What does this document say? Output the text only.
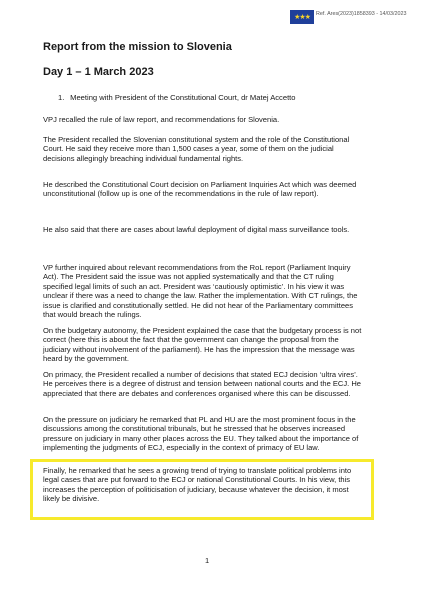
★★★ Ref. Ares(2023)1858393 - 14/03/2023
Report from the mission to Slovenia
Day 1 – 1 March 2023
1. Meeting with President of the Constitutional Court, dr Matej Accetto

VPJ recalled the rule of law report, and recommendations for Slovenia.

The President recalled the Slovenian constitutional system and the role of the Constitutional Court. He said they receive more than 1,500 cases a year, some of them on the judicial decisions allegingly breaching individual fundamental rights.

He described the Constitutional Court decision on Parliament Inquiries Act which was deemed unconstitutional (follow up is one of the recommendations in the rule of law report).

He also said that there are cases about lawful deployment of digital mass surveillance tools.

VP further inquired about relevant recommendations from the RoL report (Parliament Inquiry Act). The President said the issue was not applied systematically and that the CT ruling specified legal limits of such an act. President was ‘cautiously optimistic’. In his view it was unclear if there was a need to change the law. Rather the implementation. With CT rulings, the issue is clarified and constitutionally settled. He did not hear of the Parliamentary committees that would breach the rulings.

On the budgetary autonomy, the President explained the case that the budgetary process is not correct (here this is about the fact that the government can change the proposal from the judiciary without involvement of the parliament). He has the impression that the message was heard by the government.

On primacy, the President recalled a number of decisions that stated ECJ decision ‘ultra vires’. He perceives there is a degree of distrust and tension between national courts and the ECJ. He appreciated that there are debates and conferences organised where this can be discussed.

On the pressure on judiciary he remarked that PL and HU are the most prominent focus in the discussions among the constitutional tribunals, but he stressed that he observes increased pressure on judiciary in many other places across the EU. They talked about the importance of implementing the judgments of ECJ, especially in the context of primacy of EU law.

Finally, he remarked that he sees a growing trend of trying to translate political problems into legal cases that are put forward to the ECJ or national Constitutional Courts. In his view, this increases the perception of politicisation of judiciary, because whatever the decision, it most likely be divisive.

1
